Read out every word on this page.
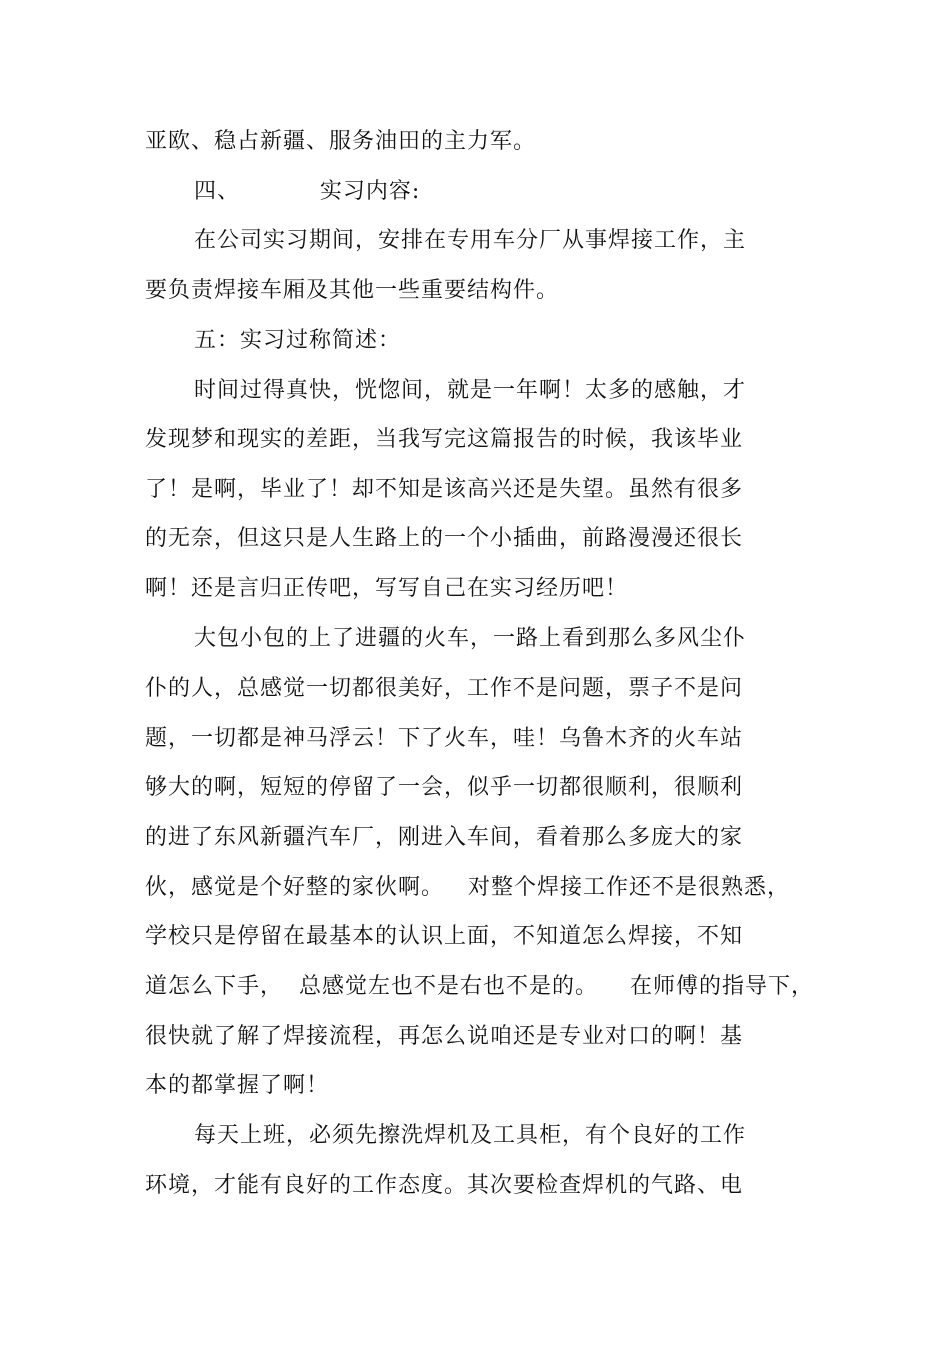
亚欧、稳占新疆、服务油田的主力军。
四、          实习内容:
在公司实习期间，安排在专用车分厂从事焊接工作，主
要负责焊接车厢及其他一些重要结构件。
五：实习过称简述：
时间过得真快，恍惚间，就是一年啊！太多的感触，才
发现梦和现实的差距，当我写完这篇报告的时候，我该毕业
了！是啊，毕业了！却不知是该高兴还是失望。虽然有很多
的无奈，但这只是人生路上的一个小插曲，前路漫漫还很长
啊！还是言归正传吧，写写自己在实习经历吧！
大包小包的上了进疆的火车，一路上看到那么多风尘仆
仆的人，总感觉一切都很美好，工作不是问题，票子不是问
题，一切都是神马浮云！下了火车，哇！乌鲁木齐的火车站
够大的啊，短短的停留了一会，似乎一切都很顺利，很顺利
的进了东风新疆汽车厂，刚进入车间，看着那么多庞大的家
伙，感觉是个好整的家伙啊。   对整个焊接工作还不是很熟悉，
学校只是停留在最基本的认识上面，不知道怎么焊接，不知
道怎么下手，  总感觉左也不是右也不是的。    在师傅的指导下，
很快就了解了焊接流程，再怎么说咱还是专业对口的啊！基
本的都掌握了啊！
每天上班，必须先擦洗焊机及工具柜，有个良好的工作
环境，才能有良好的工作态度。其次要检查焊机的气路、电
